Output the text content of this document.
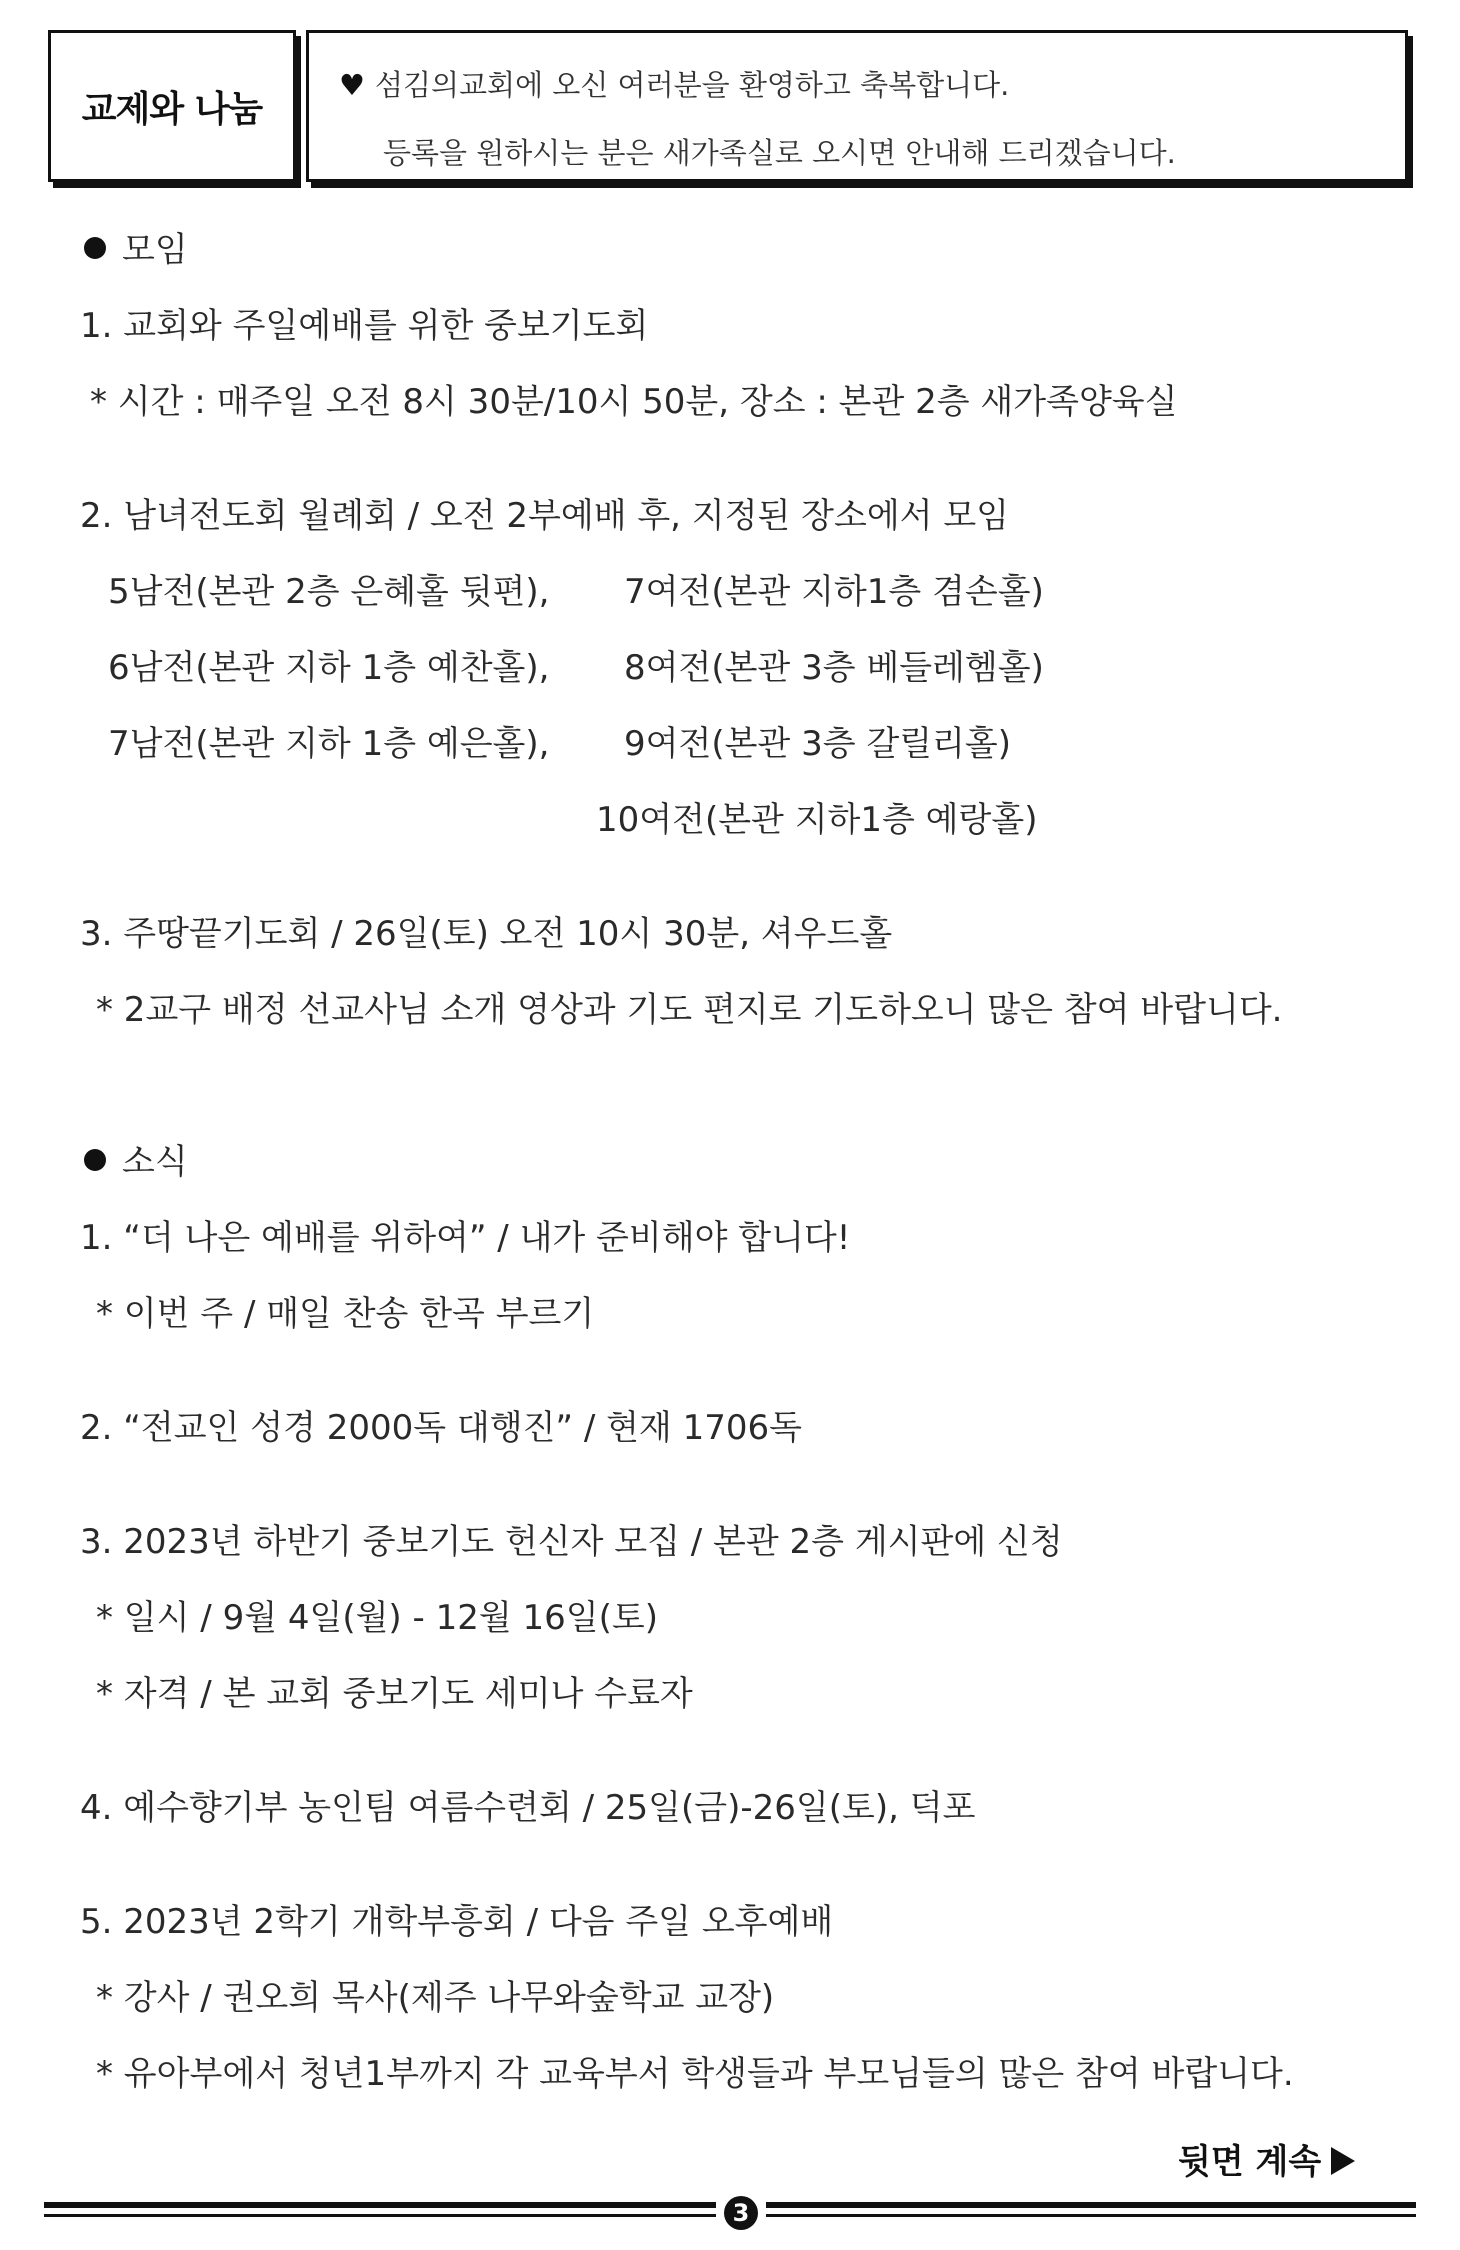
교제와 나눔
♥ 섬김의교회에 오신 여러분을 환영하고 축복합니다.
등록을 원하시는 분은 새가족실로 오시면 안내해 드리겠습니다.
모임
1. 교회와 주일예배를 위한 중보기도회
* 시간 : 매주일 오전 8시 30분/10시 50분, 장소 : 본관 2층 새가족양육실
2. 남녀전도회 월례회 / 오전 2부예배 후, 지정된 장소에서 모임
5남전(본관 2층 은혜홀 뒷편),
6남전(본관 지하 1층 예찬홀),
7남전(본관 지하 1층 예은홀),
7여전(본관 지하1층 겸손홀)
8여전(본관 3층 베들레헴홀)
9여전(본관 3층 갈릴리홀)
10여전(본관 지하1층 예랑홀)
3. 주땅끝기도회 / 26일(토) 오전 10시 30분, 셔우드홀
* 2교구 배정 선교사님 소개 영상과 기도 편지로 기도하오니 많은 참여 바랍니다.
소식
1. “더 나은 예배를 위하여” / 내가 준비해야 합니다!
* 이번 주 / 매일 찬송 한곡 부르기
2. “전교인 성경 2000독 대행진” / 현재 1706독
3. 2023년 하반기 중보기도 헌신자 모집 / 본관 2층 게시판에 신청
* 일시 / 9월 4일(월) - 12월 16일(토)
* 자격 / 본 교회 중보기도 세미나 수료자
4. 예수향기부 농인팀 여름수련회 / 25일(금)-26일(토), 덕포
5. 2023년 2학기 개학부흥회 / 다음 주일 오후예배
* 강사 / 권오희 목사(제주 나무와숲학교 교장)
* 유아부에서 청년1부까지 각 교육부서 학생들과 부모님들의 많은 참여 바랍니다.
뒷면 계속
3
